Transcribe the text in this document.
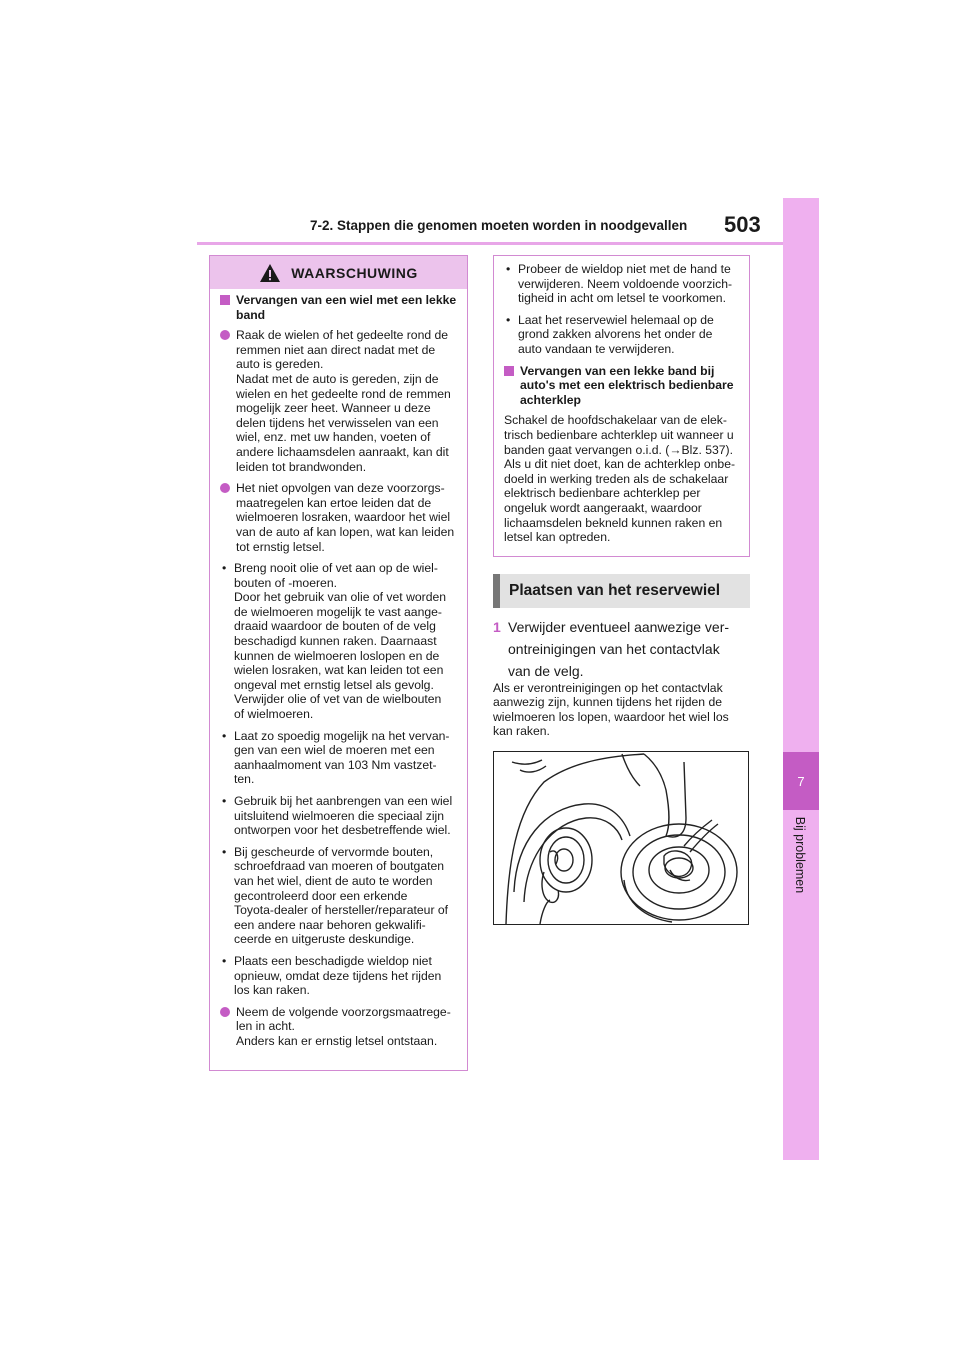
7-2. Stappen die genomen moeten worden in noodgevallen 503
7
Bij problemen
WAARSCHUWING
Vervangen van een wiel met een lekke band
Raak de wielen of het gedeelte rond de
remmen niet aan direct nadat met de
auto is gereden.
Nadat met de auto is gereden, zijn de
wielen en het gedeelte rond de remmen
mogelijk zeer heet. Wanneer u deze
delen tijdens het verwisselen van een
wiel, enz. met uw handen, voeten of
andere lichaamsdelen aanraakt, kan dit
leiden tot brandwonden.
Het niet opvolgen van deze voorzorgs-
maatregelen kan ertoe leiden dat de
wielmoeren losraken, waardoor het wiel
van de auto af kan lopen, wat kan leiden
tot ernstig letsel.
• Breng nooit olie of vet aan op de wiel-
bouten of -moeren.
Door het gebruik van olie of vet worden
de wielmoeren mogelijk te vast aange-
draaid waardoor de bouten of de velg
beschadigd kunnen raken. Daarnaast
kunnen de wielmoeren loslopen en de
wielen losraken, wat kan leiden tot een
ongeval met ernstig letsel als gevolg.
Verwijder olie of vet van de wielbouten
of wielmoeren.
• Laat zo spoedig mogelijk na het vervan-
gen van een wiel de moeren met een
aanhaalmoment van 103 Nm vastzet-
ten.
• Gebruik bij het aanbrengen van een wiel
uitsluitend wielmoeren die speciaal zijn
ontworpen voor het desbetreffende wiel.
• Bij gescheurde of vervormde bouten,
schroefdraad van moeren of boutgaten
van het wiel, dient de auto te worden
gecontroleerd door een erkende
Toyota-dealer of hersteller/reparateur of
een andere naar behoren gekwalifi-
ceerde en uitgeruste deskundige.
• Plaats een beschadigde wieldop niet
opnieuw, omdat deze tijdens het rijden
los kan raken.
Neem de volgende voorzorgsmaatrege-
len in acht.
Anders kan er ernstig letsel ontstaan.
• Probeer de wieldop niet met de hand te
verwijderen. Neem voldoende voorzich-
tigheid in acht om letsel te voorkomen.
• Laat het reservewiel helemaal op de
grond zakken alvorens het onder de
auto vandaan te verwijderen.
Vervangen van een lekke band bij
auto's met een elektrisch bedienbare
achterklep
Schakel de hoofdschakelaar van de elek-
trisch bedienbare achterklep uit wanneer u
banden gaat vervangen o.i.d. (→Blz. 537).
Als u dit niet doet, kan de achterklep onbe-
doeld in werking treden als de schakelaar
elektrisch bedienbare achterklep per
ongeluk wordt aangeraakt, waardoor
lichaamsdelen bekneld kunnen raken en
letsel kan optreden.
Plaatsen van het reservewiel
1 Verwijder eventueel aanwezige ver-
ontreinigingen van het contactvlak
van de velg.
Als er verontreinigingen op het contactvlak
aanwezig zijn, kunnen tijdens het rijden de
wielmoeren los lopen, waardoor het wiel los
kan raken.
